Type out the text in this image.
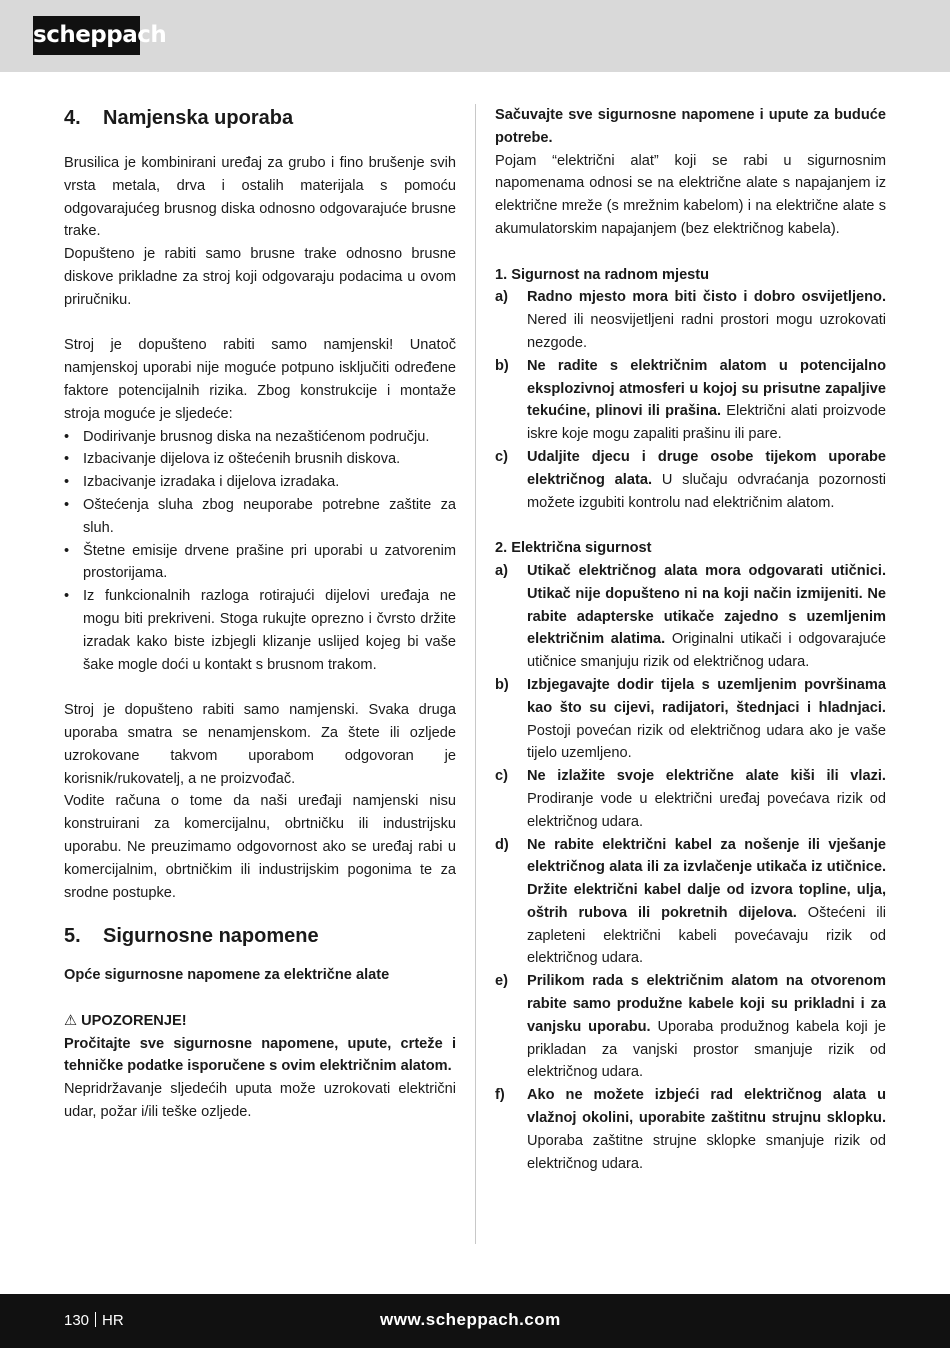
scheppach
4. Namjenska uporaba

Brusilica je kombinirani uređaj za grubo i fino brušenje svih vrsta metala, drva i ostalih materijala s pomoću odgovarajućeg brusnog diska odnosno odgovarajuće brusne trake.

Dopušteno je rabiti samo brusne trake odnosno brusne diskove prikladne za stroj koji odgovaraju podacima u ovom priručniku.

Stroj je dopušteno rabiti samo namjenski! Unatoč namjenskoj uporabi nije moguće potpuno isključiti određene faktore potencijalnih rizika. Zbog konstrukcije i montaže stroja moguće je sljedeće:

• Dodirivanje brusnog diska na nezaštićenom području.
• Izbacivanje dijelova iz oštećenih brusnih diskova.
• Izbacivanje izradaka i dijelova izradaka.
• Oštećenja sluha zbog neuporabe potrebne zaštite za sluh.
• Štetne emisije drvene prašine pri uporabi u zatvorenim prostorijama.
• Iz funkcionalnih razloga rotirajući dijelovi uređaja ne mogu biti prekriveni. Stoga rukujte oprezno i čvrsto držite izradak kako biste izbjegli klizanje uslijed kojeg bi vaše šake mogle doći u kontakt s brusnom trakom.

Stroj je dopušteno rabiti samo namjenski. Svaka druga uporaba smatra se nenamjenskom. Za štete ili ozljede uzrokovane takvom uporabom odgovoran je korisnik/rukovatelj, a ne proizvođač.

Vodite računa o tome da naši uređaji namjenski nisu konstruirani za komercijalnu, obrtničku ili industrijsku uporabu. Ne preuzimamo odgovornost ako se uređaj rabi u komercijalnim, obrtničkim ili industrijskim pogonima te za srodne postupke.

5. Sigurnosne napomene

Opće sigurnosne napomene za električne alate

⚠ UPOZORENJE!

Pročitajte sve sigurnosne napomene, upute, crteže i tehničke podatke isporučene s ovim električnim alatom.

Nepridržavanje sljedećih uputa može uzrokovati električni udar, požar i/ili teške ozljede.

Sačuvajte sve sigurnosne napomene i upute za buduće potrebe.

Pojam “električni alat” koji se rabi u sigurnosnim napomenama odnosi se na električne alate s napajanjem iz električne mreže (s mrežnim kabelom) i na električne alate s akumulatorskim napajanjem (bez električnog kabela).

1. Sigurnost na radnom mjestu

a) Radno mjesto mora biti čisto i dobro osvijetljeno. Nered ili neosvijetljeni radni prostori mogu uzrokovati nezgode.
b) Ne radite s električnim alatom u potencijalno eksplozivnoj atmosferi u kojoj su prisutne zapaljive tekućine, plinovi ili prašina. Električni alati proizvode iskre koje mogu zapaliti prašinu ili pare.
c) Udaljite djecu i druge osobe tijekom uporabe električnog alata. U slučaju odvraćanja pozornosti možete izgubiti kontrolu nad električnim alatom.

2. Električna sigurnost

a) Utikač električnog alata mora odgovarati utičnici. Utikač nije dopušteno ni na koji način izmijeniti. Ne rabite adapterske utikače zajedno s uzemljenim električnim alatima. Originalni utikači i odgovarajuće utičnice smanjuju rizik od električnog udara.
b) Izbjegavajte dodir tijela s uzemljenim površinama kao što su cijevi, radijatori, štednjaci i hladnjaci. Postoji povećan rizik od električnog udara ako je vaše tijelo uzemljeno.
c) Ne izlažite svoje električne alate kiši ili vlazi. Prodiranje vode u električni uređaj povećava rizik od električnog udara.
d) Ne rabite električni kabel za nošenje ili vješanje električnog alata ili za izvlačenje utikača iz utičnice. Držite električni kabel dalje od izvora topline, ulja, oštrih rubova ili pokretnih dijelova. Oštećeni ili zapleteni električni kabeli povećavaju rizik od električnog udara.
e) Prilikom rada s električnim alatom na otvorenom rabite samo produžne kabele koji su prikladni i za vanjsku uporabu. Uporaba produžnog kabela koji je prikladan za vanjski prostor smanjuje rizik od električnog udara.
f) Ako ne možete izbjeći rad električnog alata u vlažnoj okolini, uporabite zaštitnu strujnu sklopku. Uporaba zaštitne strujne sklopke smanjuje rizik od električnog udara.
130 HR	www.scheppach.com
